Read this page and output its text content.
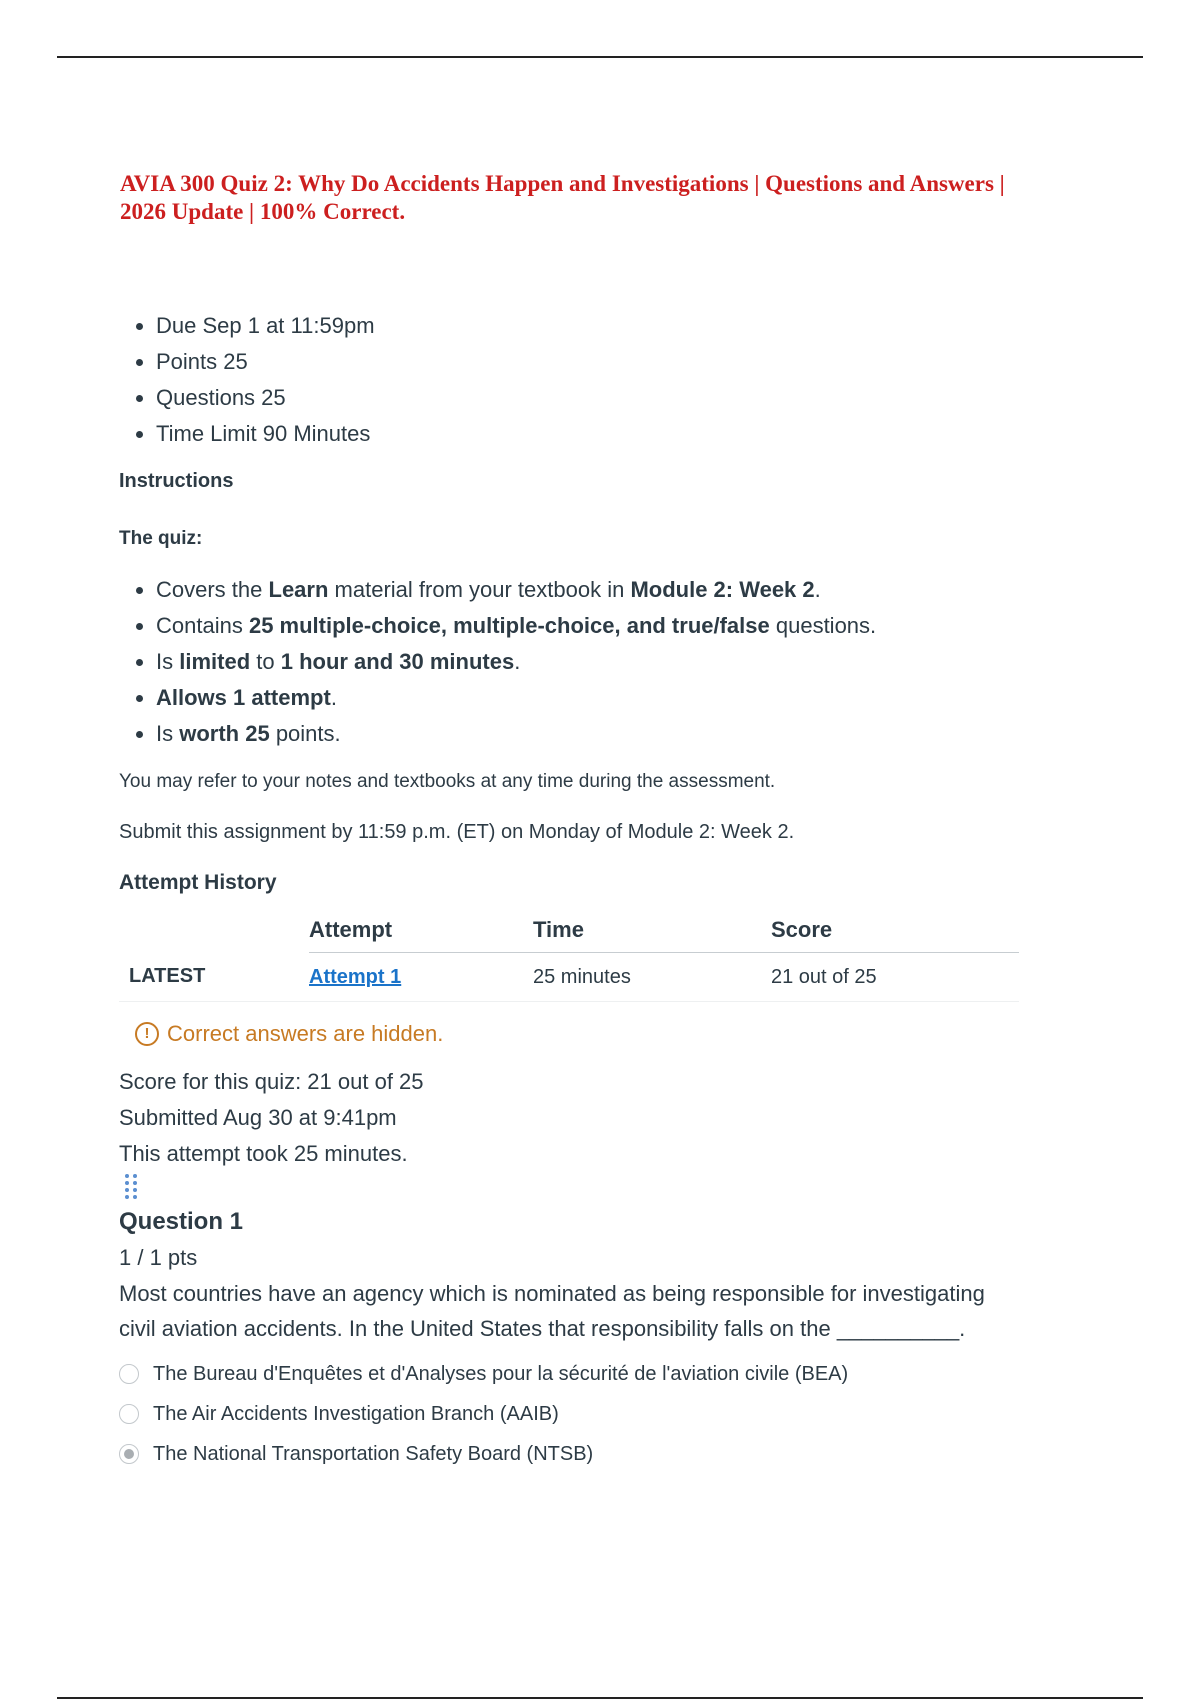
AVIA 300 Quiz 2: Why Do Accidents Happen and Investigations | Questions and Answers | 2026 Update | 100% Correct.
• Due Sep 1 at 11:59pm
• Points 25
• Questions 25
• Time Limit 90 Minutes
Instructions
The quiz:
• Covers the Learn material from your textbook in Module 2: Week 2.
• Contains 25 multiple-choice, multiple-choice, and true/false questions.
• Is limited to 1 hour and 30 minutes.
• Allows 1 attempt.
• Is worth 25 points.

You may refer to your notes and textbooks at any time during the assessment.

Submit this assignment by 11:59 p.m. (ET) on Monday of Module 2: Week 2.

Attempt History
	Attempt	Time	Score
LATEST	Attempt 1	25 minutes	21 out of 25
! Correct answers are hidden.
Score for this quiz: 21 out of 25
Submitted Aug 30 at 9:41pm
This attempt took 25 minutes.
Question 1
1 / 1 pts
Most countries have an agency which is nominated as being responsible for investigating civil aviation accidents. In the United States that responsibility falls on the __________.
The Bureau d'Enquêtes et d'Analyses pour la sécurité de l'aviation civile (BEA)
The Air Accidents Investigation Branch (AAIB)
The National Transportation Safety Board (NTSB)
